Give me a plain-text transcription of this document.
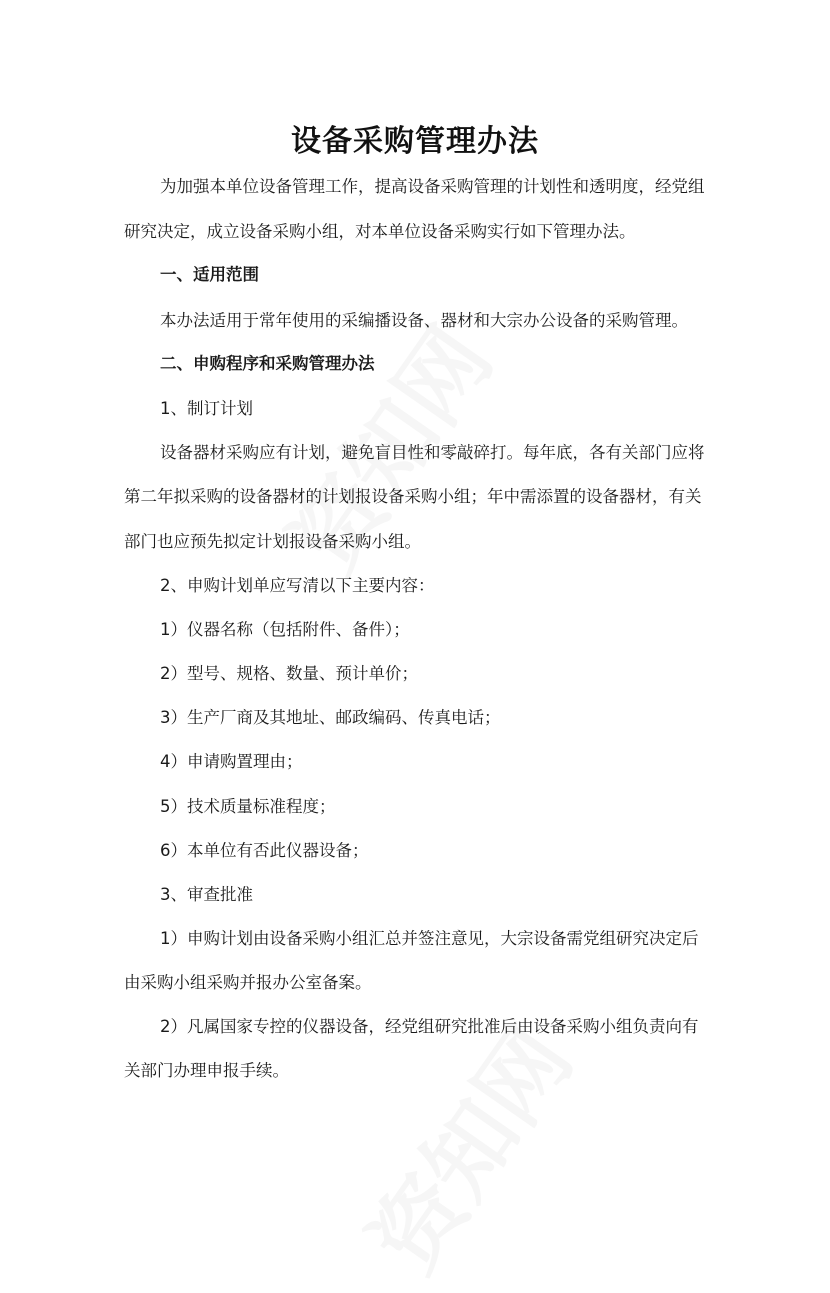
设备采购管理办法
为加强本单位设备管理工作，提高设备采购管理的计划性和透明度，经党组
研究决定，成立设备采购小组，对本单位设备采购实行如下管理办法。
一、适用范围
本办法适用于常年使用的采编播设备、器材和大宗办公设备的采购管理。
二、申购程序和采购管理办法
1、制订计划
设备器材采购应有计划，避免盲目性和零敲碎打。每年底，各有关部门应将
第二年拟采购的设备器材的计划报设备采购小组；年中需添置的设备器材，有关
部门也应预先拟定计划报设备采购小组。
2、申购计划单应写清以下主要内容：
1）仪器名称（包括附件、备件）；
2）型号、规格、数量、预计单价；
3）生产厂商及其地址、邮政编码、传真电话；
4）申请购置理由；
5）技术质量标准程度；
6）本单位有否此仪器设备；
3、审查批准
1）申购计划由设备采购小组汇总并签注意见，大宗设备需党组研究决定后
由采购小组采购并报办公室备案。
2）凡属国家专控的仪器设备，经党组研究批准后由设备采购小组负责向有
关部门办理申报手续。
